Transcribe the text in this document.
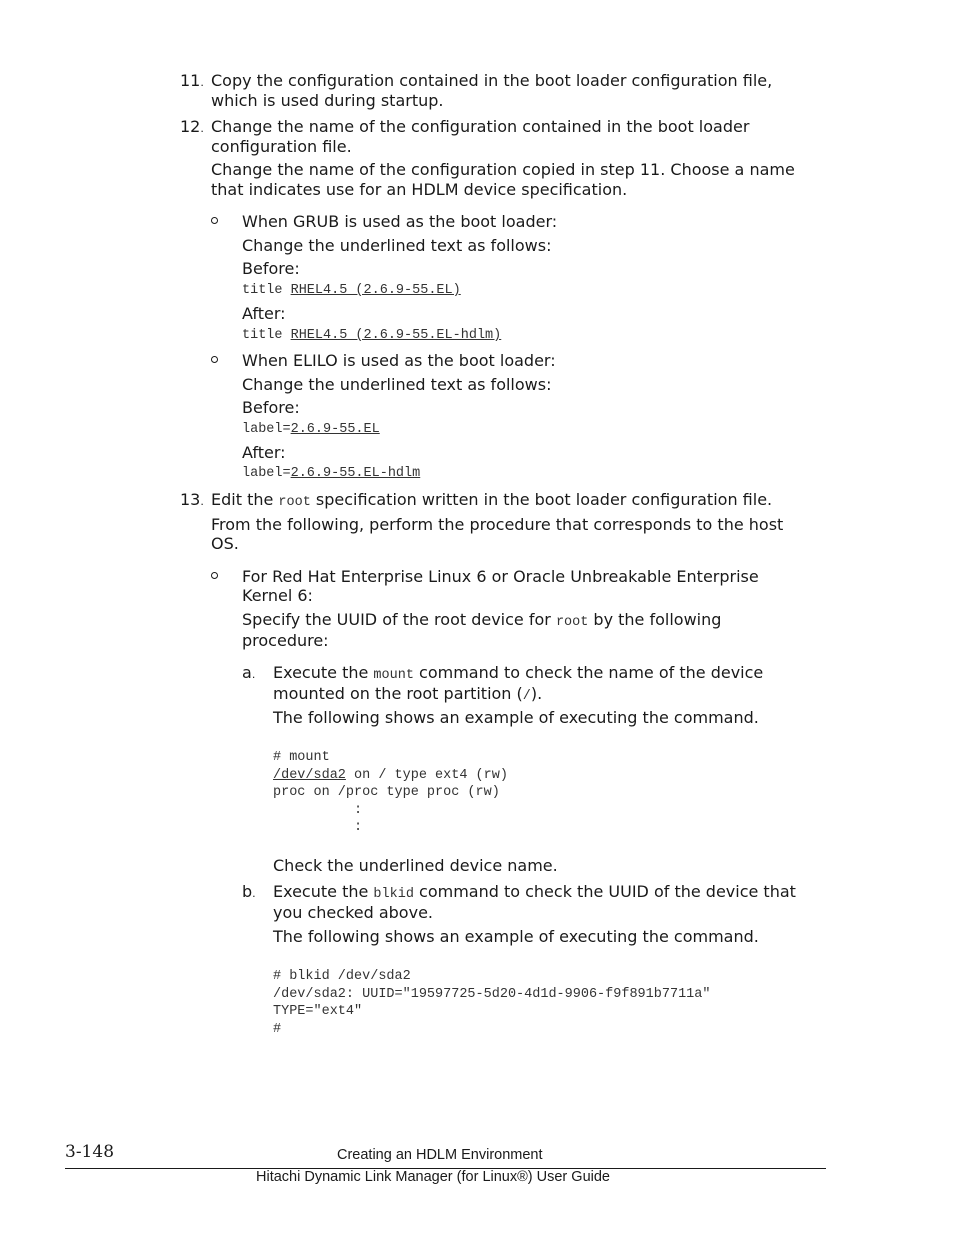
11. Copy the configuration contained in the boot loader configuration file,
which is used during startup.
12. Change the name of the configuration contained in the boot loader
configuration file.
Change the name of the configuration copied in step 11. Choose a name
that indicates use for an HDLM device specification.
When GRUB is used as the boot loader:
Change the underlined text as follows:
Before:
title RHEL4.5 (2.6.9-55.EL)
After:
title RHEL4.5 (2.6.9-55.EL-hdlm)
When ELILO is used as the boot loader:
Change the underlined text as follows:
Before:
label=2.6.9-55.EL
After:
label=2.6.9-55.EL-hdlm
13. Edit the root specification written in the boot loader configuration file.
From the following, perform the procedure that corresponds to the host
OS.
For Red Hat Enterprise Linux 6 or Oracle Unbreakable Enterprise
Kernel 6:
Specify the UUID of the root device for root by the following
procedure:
a. Execute the mount command to check the name of the device
mounted on the root partition (/).
The following shows an example of executing the command.
# mount
/dev/sda2 on / type ext4 (rw)
proc on /proc type proc (rw)
:
:
Check the underlined device name.
b. Execute the blkid command to check the UUID of the device that
you checked above.
The following shows an example of executing the command.
# blkid /dev/sda2
/dev/sda2: UUID="19597725-5d20-4d1d-9906-f9f891b7711a"
TYPE="ext4"
#
3-148	Creating an HDLM Environment
Hitachi Dynamic Link Manager (for Linux®) User Guide
